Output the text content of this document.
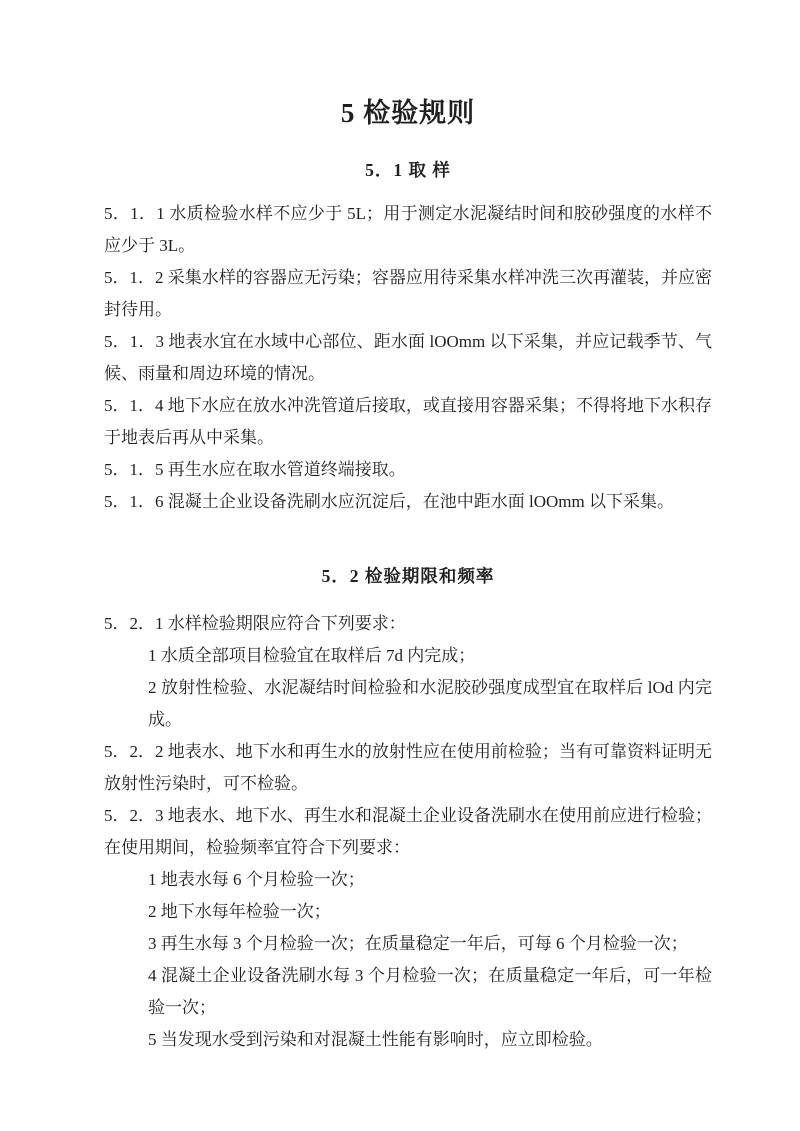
5 检验规则
5．1 取 样

5．1．1 水质检验水样不应少于 5L；用于测定水泥凝结时间和胶砂强度的水样不应少于 3L。

5．1．2 采集水样的容器应无污染；容器应用待采集水样冲洗三次再灌装，并应密封待用。

5．1．3 地表水宜在水域中心部位、距水面 lOOmm 以下采集，并应记载季节、气候、雨量和周边环境的情况。

5．1．4 地下水应在放水冲洗管道后接取，或直接用容器采集；不得将地下水积存于地表后再从中采集。

5．1．5 再生水应在取水管道终端接取。

5．1．6 混凝土企业设备洗刷水应沉淀后，在池中距水面 lOOmm 以下采集。

5．2 检验期限和频率

5．2．1 水样检验期限应符合下列要求：

1 水质全部项目检验宜在取样后 7d 内完成；

2 放射性检验、水泥凝结时间检验和水泥胶砂强度成型宜在取样后 lOd 内完成。

5．2．2 地表水、地下水和再生水的放射性应在使用前检验；当有可靠资料证明无放射性污染时，可不检验。

5．2．3 地表水、地下水、再生水和混凝土企业设备洗刷水在使用前应进行检验；在使用期间，检验频率宜符合下列要求：

1 地表水每 6 个月检验一次；

2 地下水每年检验一次；

3 再生水每 3 个月检验一次；在质量稳定一年后，可每 6 个月检验一次；

4 混凝土企业设备洗刷水每 3 个月检验一次；在质量稳定一年后，可一年检验一次；

5 当发现水受到污染和对混凝土性能有影响时，应立即检验。
